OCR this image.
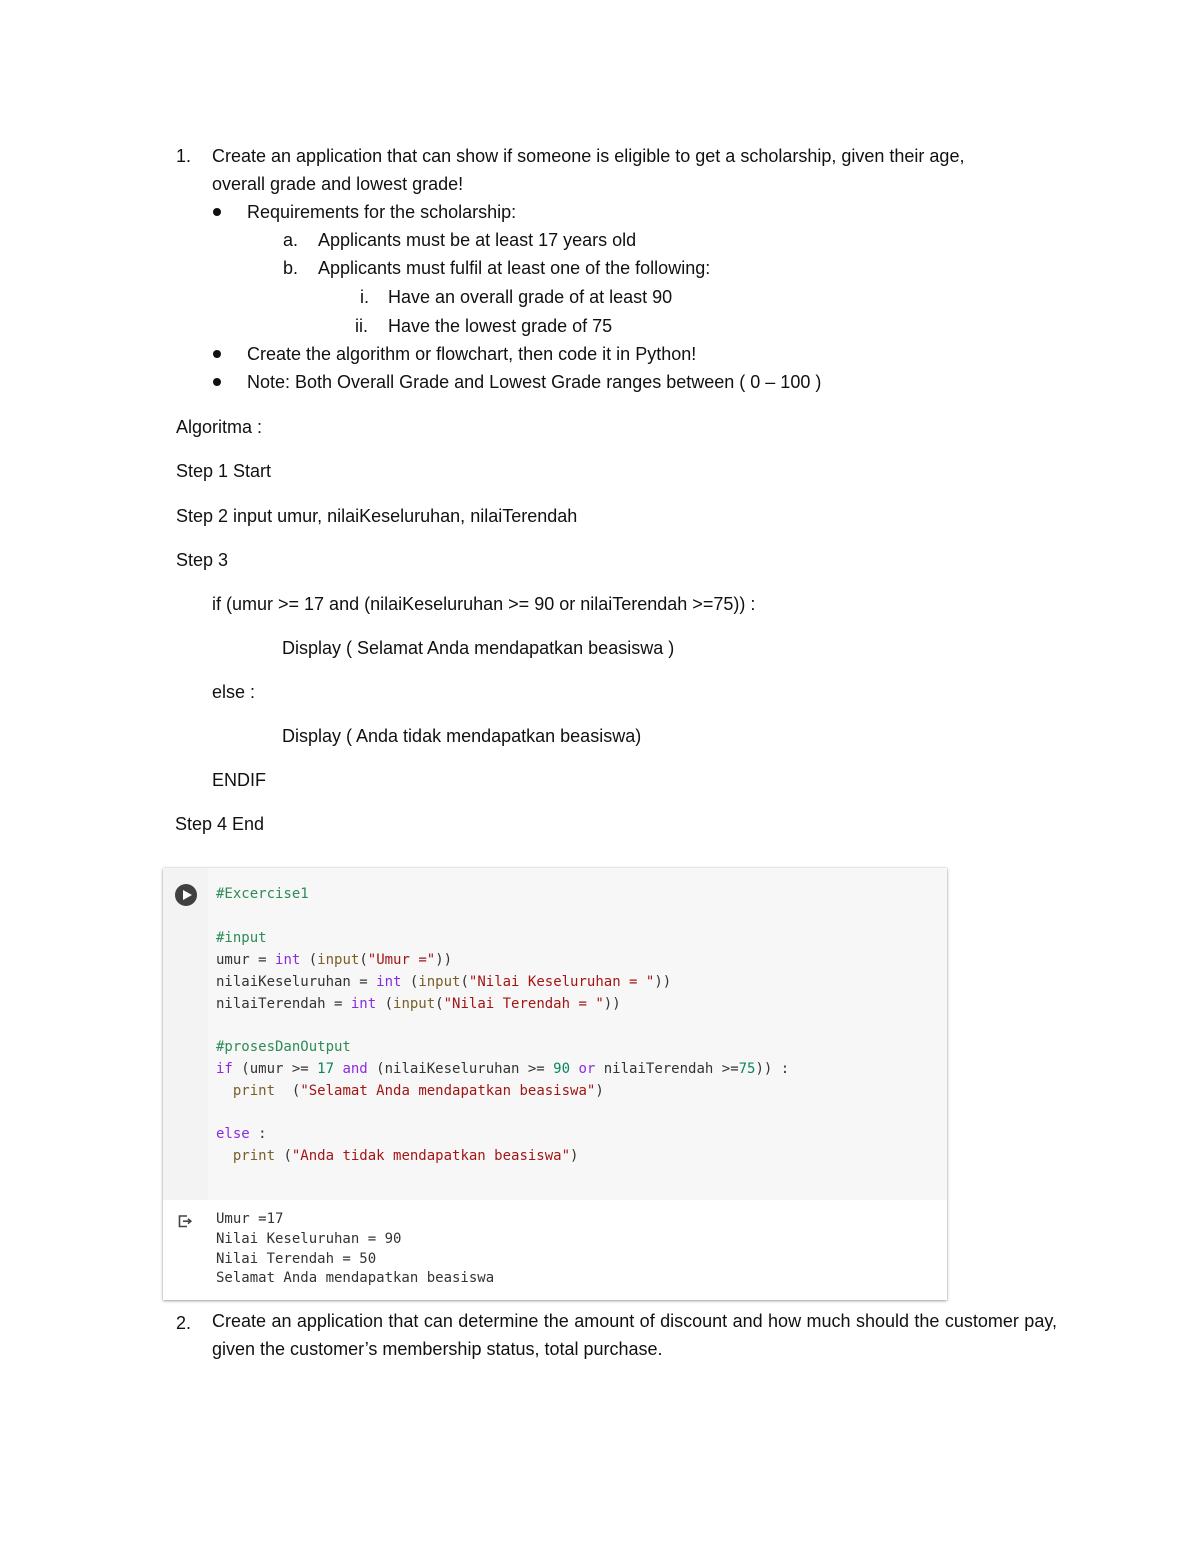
1. Create an application that can show if someone is eligible to get a scholarship, given their age,
overall grade and lowest grade!
Requirements for the scholarship:
a. Applicants must be at least 17 years old
b. Applicants must fulfil at least one of the following:
i. Have an overall grade of at least 90
ii. Have the lowest grade of 75
Create the algorithm or flowchart, then code it in Python!
Note: Both Overall Grade and Lowest Grade ranges between ( 0 – 100 )
Algoritma :
Step 1 Start
Step 2 input umur, nilaiKeseluruhan, nilaiTerendah
Step 3
if (umur >= 17 and (nilaiKeseluruhan >= 90 or nilaiTerendah >=75)) :
Display ( Selamat Anda mendapatkan beasiswa )
else :
Display ( Anda tidak mendapatkan beasiswa)
ENDIF
Step 4 End
#Excercise1
#input
umur = int (input("Umur ="))
nilaiKeseluruhan = int (input("Nilai Keseluruhan = "))
nilaiTerendah = int (input("Nilai Terendah = "))
#prosesDanOutput
if (umur >= 17 and (nilaiKeseluruhan >= 90 or nilaiTerendah >=75)) :
print  ("Selamat Anda mendapatkan beasiswa")
else :
print ("Anda tidak mendapatkan beasiswa")
Umur =17
Nilai Keseluruhan = 90
Nilai Terendah = 50
Selamat Anda mendapatkan beasiswa
2. Create an application that can determine the amount of discount and how much should the customer pay, given the customer’s membership status, total purchase.
